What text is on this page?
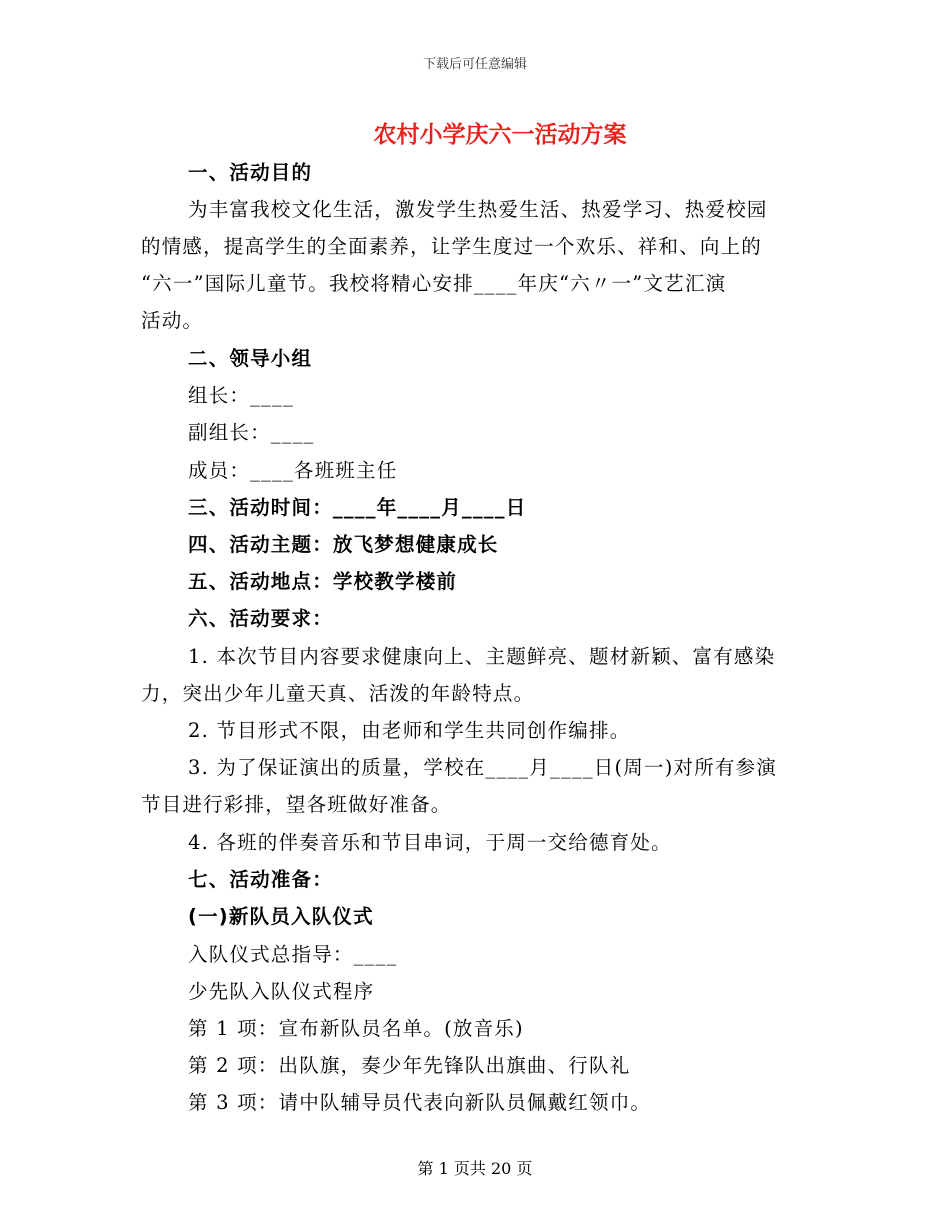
下载后可任意编辑
农村小学庆六一活动方案
一、活动目的
为丰富我校文化生活，激发学生热爱生活、热爱学习、热爱校园
的情感，提高学生的全面素养，让学生度过一个欢乐、祥和、向上的
“六一”国际儿童节。我校将精心安排____年庆“六〃一”文艺汇演
活动。
二、领导小组
组长：____
副组长：____
成员：____各班班主任
三、活动时间：____年____月____日
四、活动主题：放飞梦想健康成长
五、活动地点：学校教学楼前
六、活动要求：
1. 本次节目内容要求健康向上、主题鲜亮、题材新颖、富有感染
力，突出少年儿童天真、活泼的年龄特点。
2. 节目形式不限，由老师和学生共同创作编排。
3. 为了保证演出的质量，学校在____月____日(周一)对所有参演
节目进行彩排，望各班做好准备。
4. 各班的伴奏音乐和节目串词，于周一交给德育处。
七、活动准备：
(一)新队员入队仪式
入队仪式总指导：____
少先队入队仪式程序
第 1 项：宣布新队员名单。(放音乐)
第 2 项：出队旗，奏少年先锋队出旗曲、行队礼
第 3 项：请中队辅导员代表向新队员佩戴红领巾。
第 1 页共 20 页
